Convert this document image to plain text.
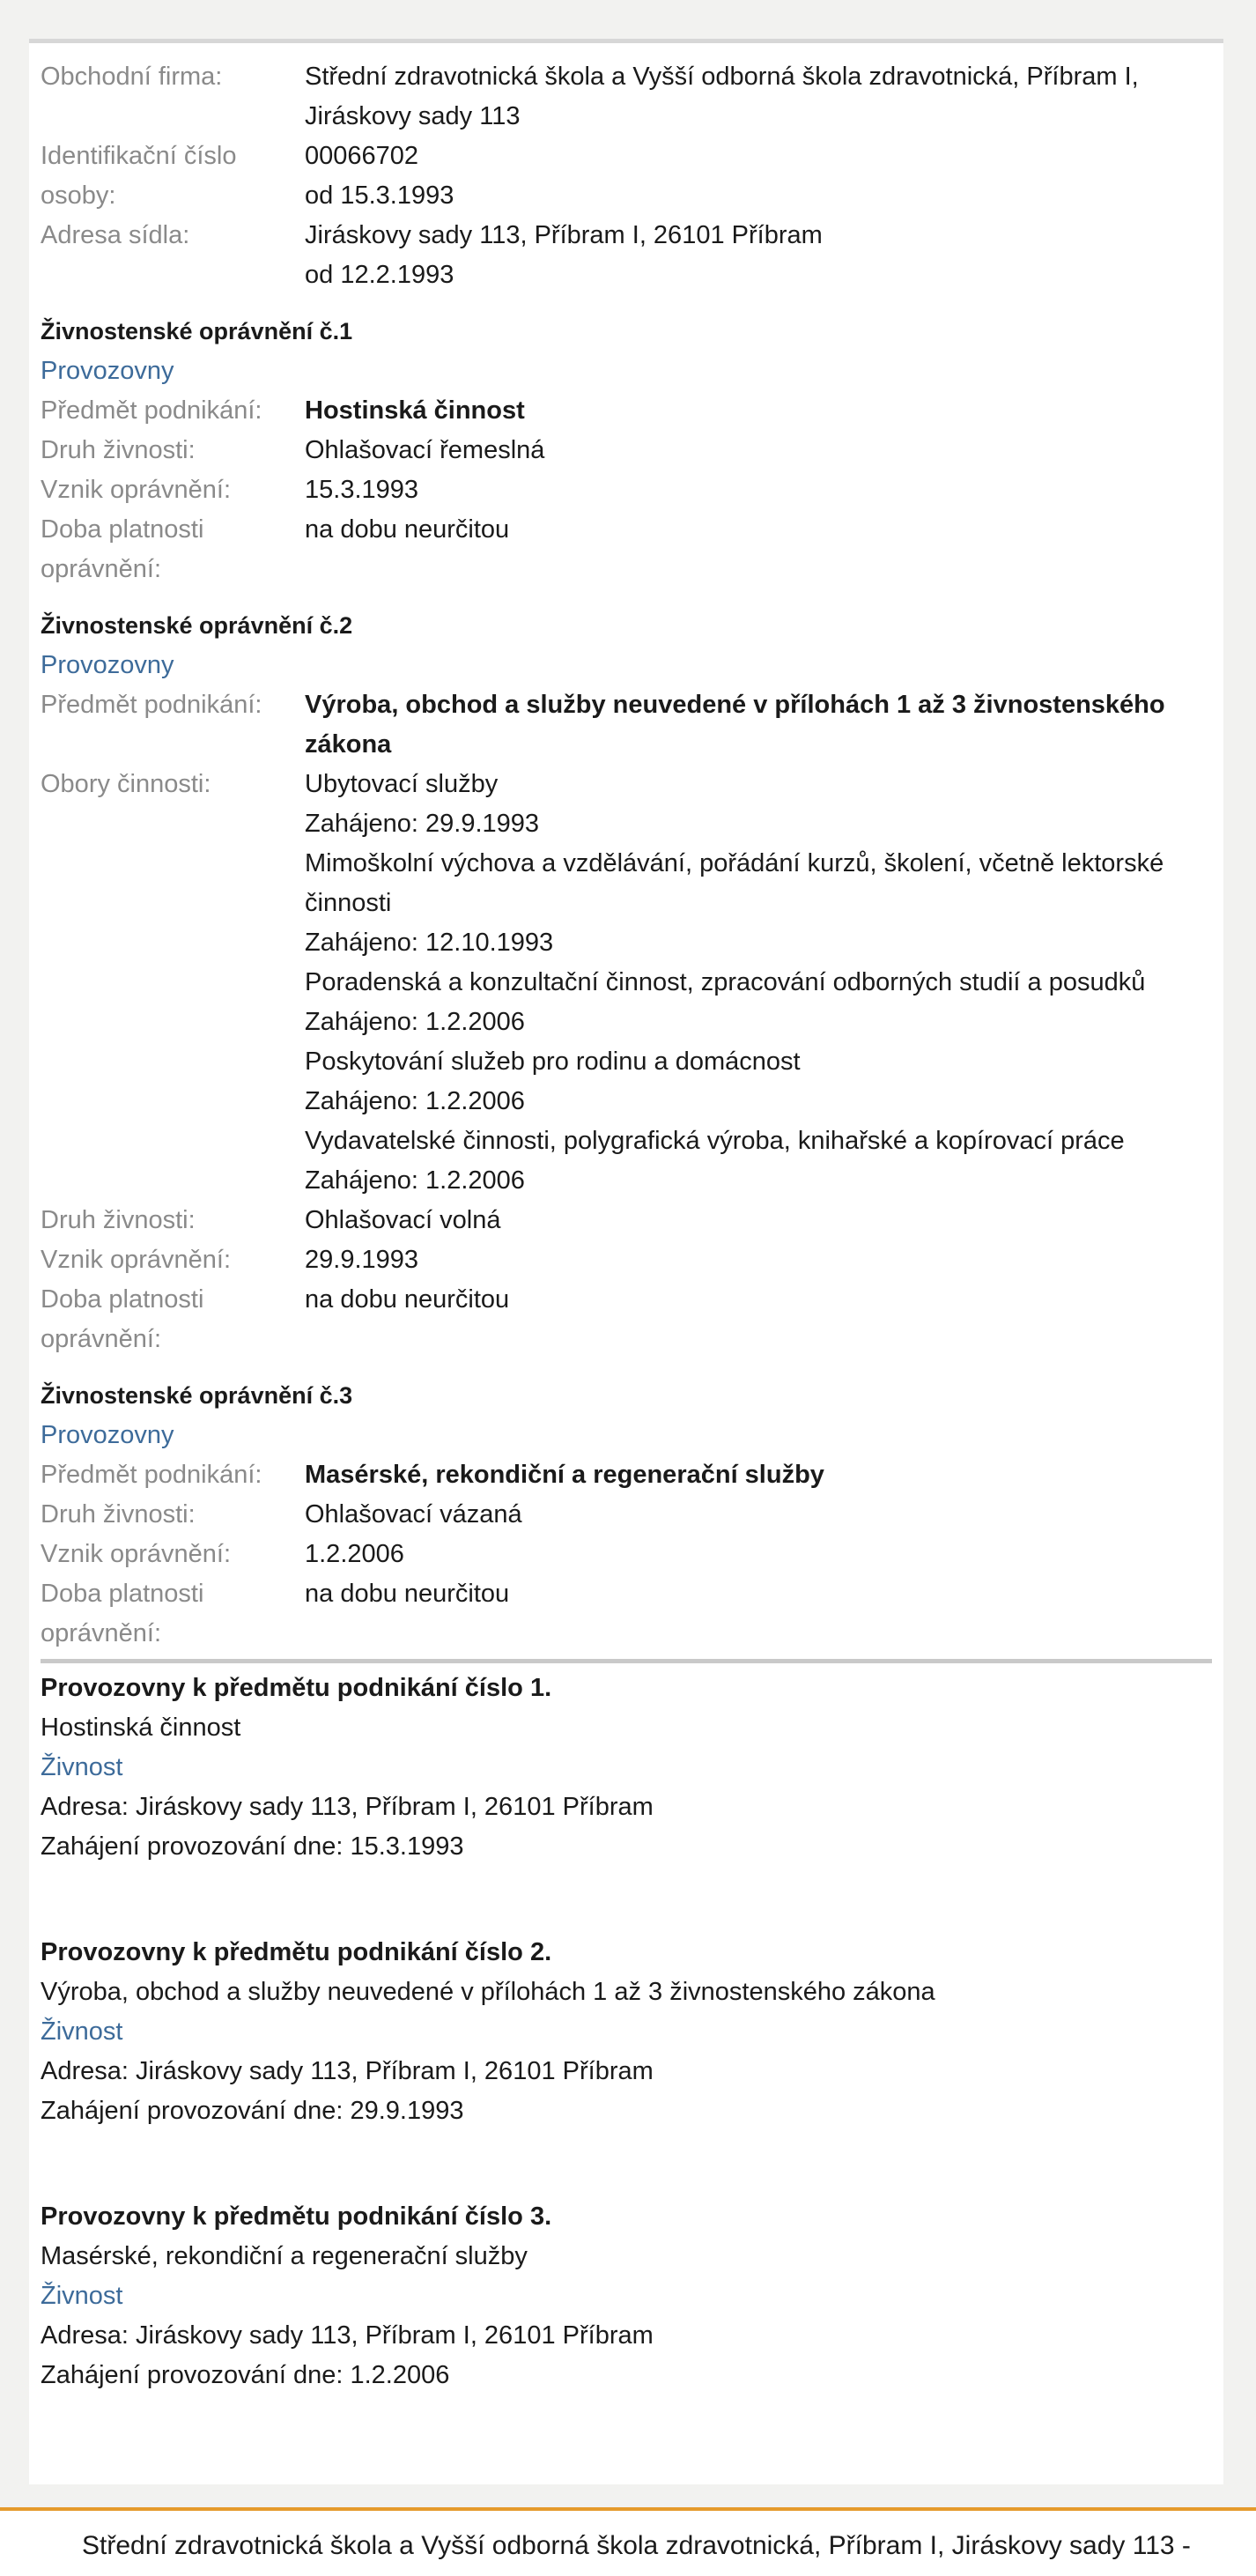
Obchodní firma:	Střední zdravotnická škola a Vyšší odborná škola zdravotnická, Příbram I,
Jiráskovy sady 113
Identifikační číslo osoby:
00066702
od 15.3.1993
Adresa sídla:	Jiráskovy sady 113, Příbram I, 26101 Příbram
od 12.2.1993
Živnostenské oprávnění č.1
Provozovny
Předmět podnikání:	Hostinská činnost
Druh živnosti:	Ohlašovací řemeslná
Vznik oprávnění:	15.3.1993
Doba platnosti oprávnění:
na dobu neurčitou
Živnostenské oprávnění č.2
Provozovny
Předmět podnikání:	Výroba, obchod a služby neuvedené v přílohách 1 až 3 živnostenského zákona
Obory činnosti:	Ubytovací služby
Zahájeno: 29.9.1993
Mimoškolní výchova a vzdělávání, pořádání kurzů, školení, včetně lektorské činnosti
Zahájeno: 12.10.1993
Poradenská a konzultační činnost, zpracování odborných studií a posudků
Zahájeno: 1.2.2006
Poskytování služeb pro rodinu a domácnost
Zahájeno: 1.2.2006
Vydavatelské činnosti, polygrafická výroba, knihařské a kopírovací práce
Zahájeno: 1.2.2006
Druh živnosti:	Ohlašovací volná
Vznik oprávnění:	29.9.1993
Doba platnosti oprávnění:
na dobu neurčitou
Živnostenské oprávnění č.3
Provozovny
Předmět podnikání:	Masérské, rekondiční a regenerační služby
Druh živnosti:	Ohlašovací vázaná
Vznik oprávnění:	1.2.2006
Doba platnosti oprávnění:
na dobu neurčitou
Provozovny k předmětu podnikání číslo 1.
Hostinská činnost
Živnost
Adresa: Jiráskovy sady 113, Příbram I, 26101 Příbram
Zahájení provozování dne: 15.3.1993
Provozovny k předmětu podnikání číslo 2.
Výroba, obchod a služby neuvedené v přílohách 1 až 3 živnostenského zákona
Živnost
Adresa: Jiráskovy sady 113, Příbram I, 26101 Příbram
Zahájení provozování dne: 29.9.1993
Provozovny k předmětu podnikání číslo 3.
Masérské, rekondiční a regenerační služby
Živnost
Adresa: Jiráskovy sady 113, Příbram I, 26101 Příbram
Zahájení provozování dne: 1.2.2006
Střední zdravotnická škola a Vyšší odborná škola zdravotnická, Příbram I, Jiráskovy sady 113 -
